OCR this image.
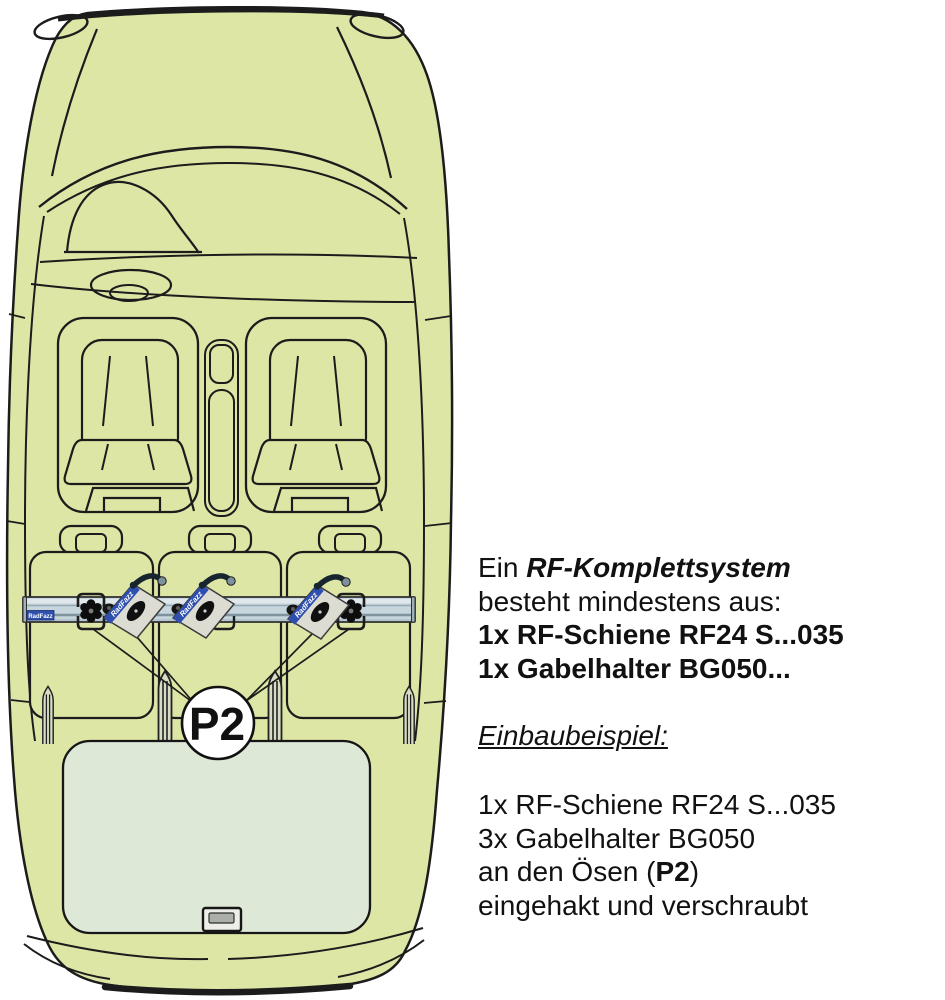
RadFazz	RadFazz	RadFazz	RadFazz
P2
Ein RF-Komplettsystem
besteht mindestens aus:
1x RF-Schiene RF24 S...035
1x Gabelhalter BG050...
Einbaubeispiel:
1x RF-Schiene RF24 S...035
3x Gabelhalter BG050
an den Ösen (P2)
eingehakt und verschraubt
